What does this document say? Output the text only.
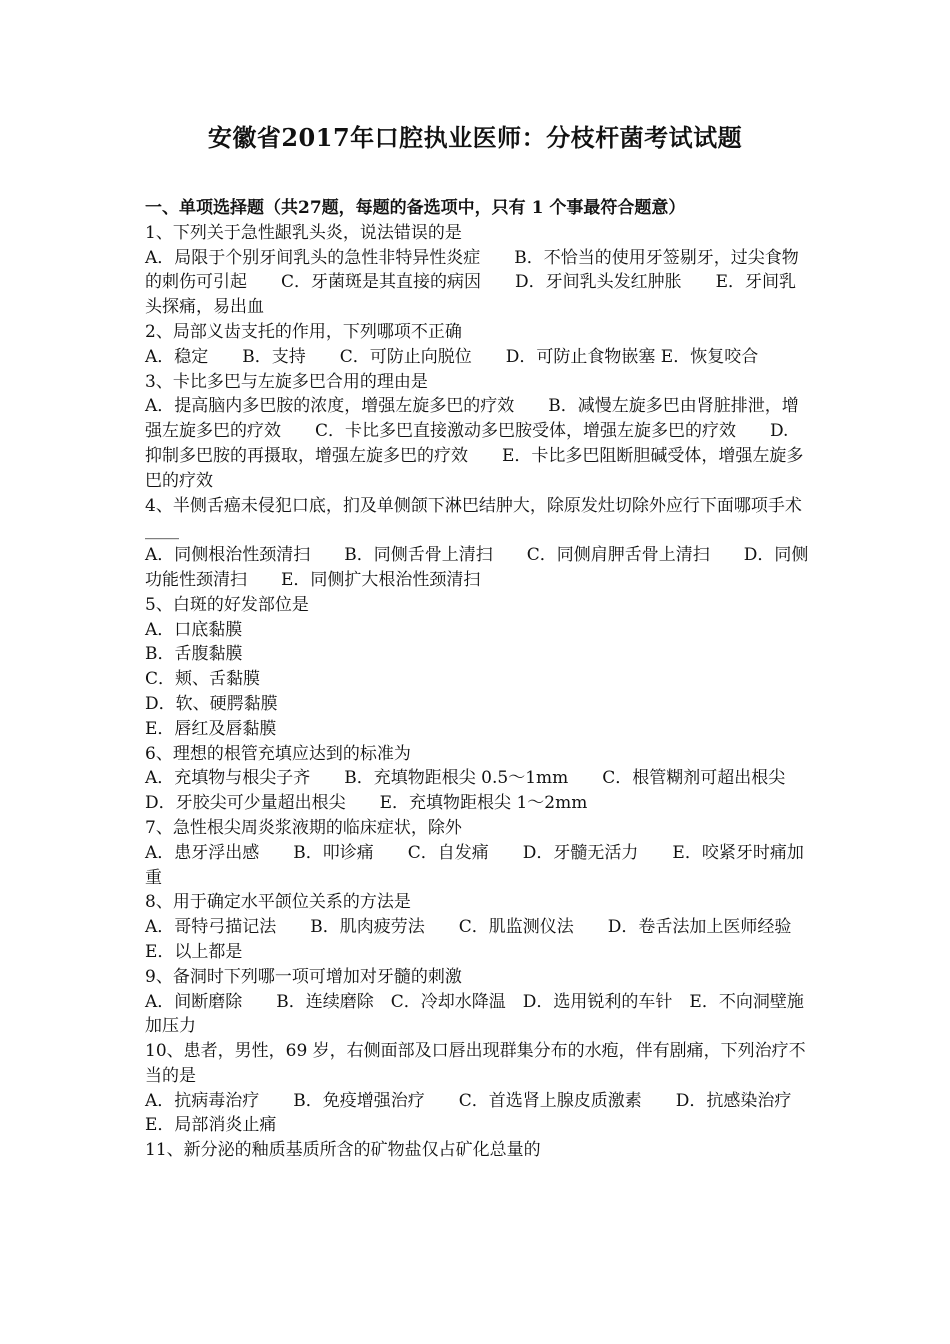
安徽省2017年口腔执业医师：分枝杆菌考试试题

一、单项选择题（共27题，每题的备选项中，只有 1 个事最符合题意）

1、下列关于急性龈乳头炎，说法错误的是

A．局限于个别牙间乳头的急性非特异性炎症　　B．不恰当的使用牙签剔牙，过尖食物的刺伤可引起　　C．牙菌斑是其直接的病因　　D．牙间乳头发红肿胀　　E．牙间乳头探痛，易出血

2、局部义齿支托的作用，下列哪项不正确

A．稳定　　B．支持　　C．可防止向脱位　　D．可防止食物嵌塞 E．恢复咬合

3、卡比多巴与左旋多巴合用的理由是

A．提高脑内多巴胺的浓度，增强左旋多巴的疗效　　B．减慢左旋多巴由肾脏排泄，增强左旋多巴的疗效　　C．卡比多巴直接激动多巴胺受体，增强左旋多巴的疗效　　D. 抑制多巴胺的再摄取，增强左旋多巴的疗效　　E．卡比多巴阻断胆碱受体，增强左旋多巴的疗效

4、半侧舌癌未侵犯口底，扪及单侧颌下淋巴结肿大，除原发灶切除外应行下面哪项手术____

A．同侧根治性颈清扫　　B．同侧舌骨上清扫　　C．同侧肩胛舌骨上清扫　　D．同侧功能性颈清扫　　E．同侧扩大根治性颈清扫

5、白斑的好发部位是

A．口底黏膜

B．舌腹黏膜

C．颊、舌黏膜

D．软、硬腭黏膜

E．唇红及唇黏膜

6、理想的根管充填应达到的标准为

A．充填物与根尖子齐　　B．充填物距根尖 0.5～1mm　　C．根管糊剂可超出根尖　　D．牙胶尖可少量超出根尖　　E．充填物距根尖 1～2mm

7、急性根尖周炎浆液期的临床症状，除外

A．患牙浮出感　　B．叩诊痛　　C．自发痛　　D．牙髓无活力　　E．咬紧牙时痛加重

8、用于确定水平颌位关系的方法是

A．哥特弓描记法　　B．肌肉疲劳法　　C．肌监测仪法　　D．卷舌法加上医师经验 E．以上都是

9、备洞时下列哪一项可增加对牙髓的刺激

A．间断磨除　　B．连续磨除　C．冷却水降温　D．选用锐利的车针　E．不向洞壁施加压力

10、患者，男性，69 岁，右侧面部及口唇出现群集分布的水疱，伴有剧痛，下列治疗不当的是

A．抗病毒治疗　　B．免疫增强治疗　　C．首选肾上腺皮质激素　　D．抗感染治疗　　E．局部消炎止痛

11、新分泌的釉质基质所含的矿物盐仅占矿化总量的
